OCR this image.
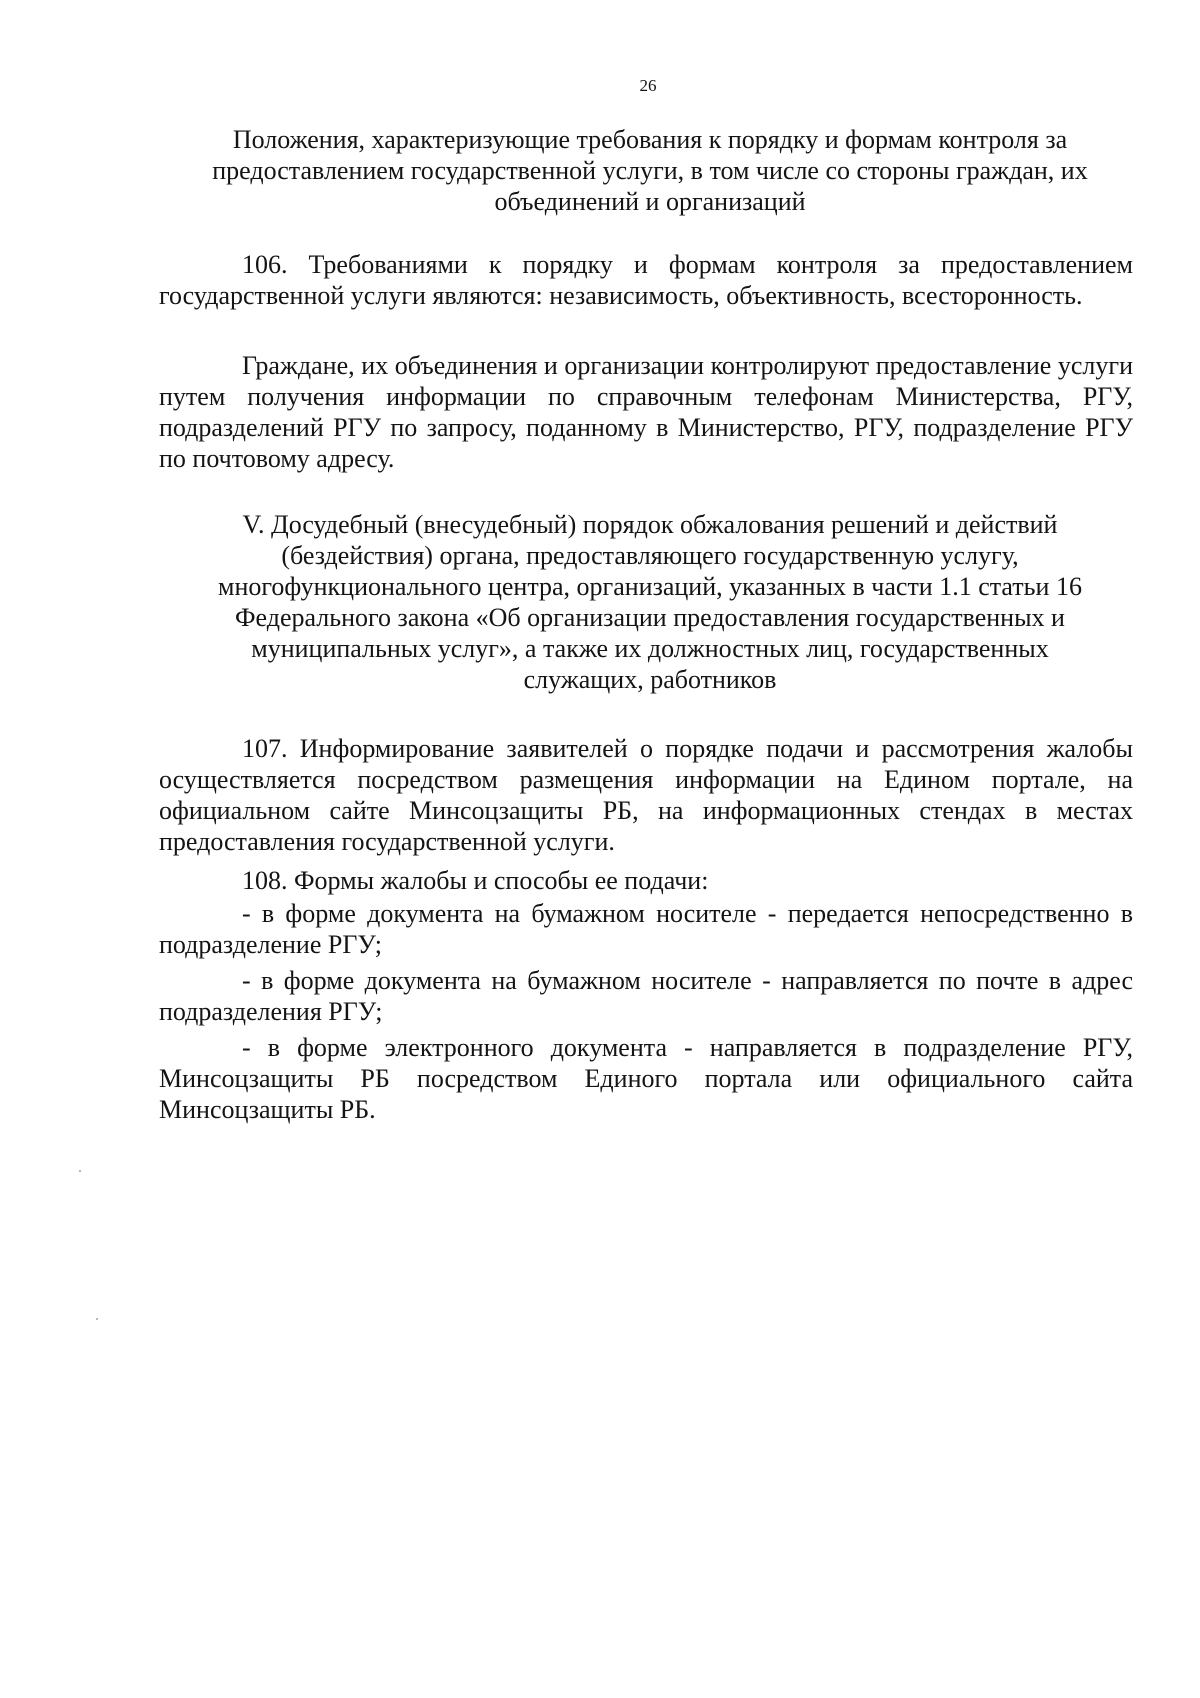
26
Положения, характеризующие требования к порядку и формам контроля за
предоставлением государственной услуги, в том числе со стороны граждан, их
объединений и организаций
106. Требованиями к порядку и формам контроля за предоставлением государственной услуги являются: независимость, объективность, всесторонность.
Граждане, их объединения и организации контролируют предоставление услуги путем получения информации по справочным телефонам Министерства, РГУ, подразделений РГУ по запросу, поданному в Министерство, РГУ, подразделение РГУ по почтовому адресу.
V. Досудебный (внесудебный) порядок обжалования решений и действий
(бездействия) органа, предоставляющего государственную услугу,
многофункционального центра, организаций, указанных в части 1.1 статьи 16
Федерального закона «Об организации предоставления государственных и
муниципальных услуг», а также их должностных лиц, государственных
служащих, работников
107. Информирование заявителей о порядке подачи и рассмотрения жалобы осуществляется посредством размещения информации на Едином портале, на официальном сайте Минсоцзащиты РБ, на информационных стендах в местах предоставления государственной услуги.
108. Формы жалобы и способы ее подачи:
- в форме документа на бумажном носителе - передается непосредственно в подразделение РГУ;
- в форме документа на бумажном носителе - направляется по почте в адрес подразделения РГУ;
- в форме электронного документа - направляется в подразделение РГУ, Минсоцзащиты РБ посредством Единого портала или официального сайта Минсоцзащиты РБ.
